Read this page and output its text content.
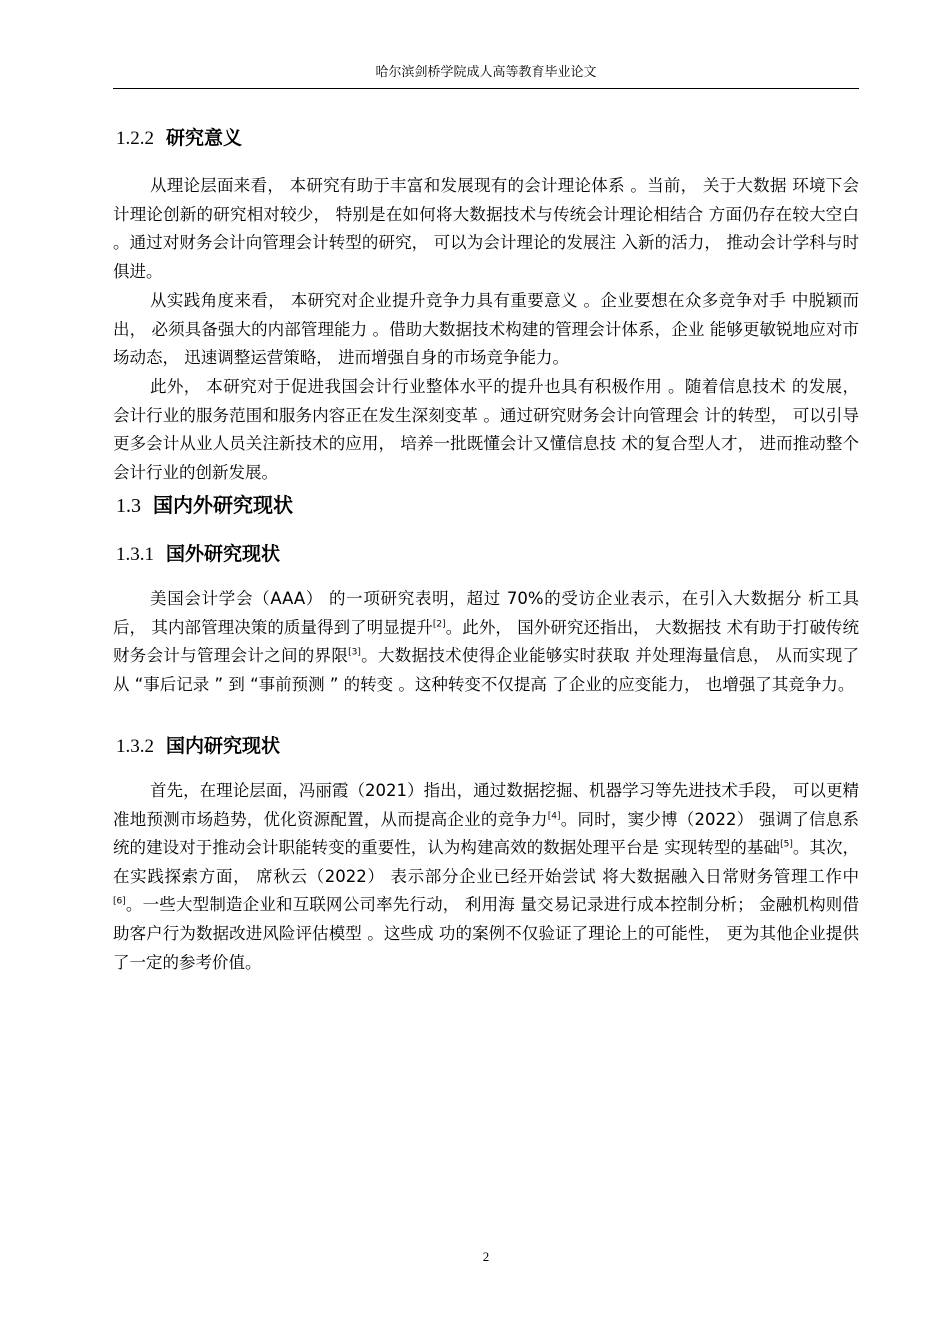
哈尔滨剑桥学院成人高等教育毕业论文
1.2.2 研究意义

从理论层面来看， 本研究有助于丰富和发展现有的会计理论体系 。当前， 关于大数据 环境下会计理论创新的研究相对较少， 特别是在如何将大数据技术与传统会计理论相结合 方面仍存在较大空白 。通过对财务会计向管理会计转型的研究， 可以为会计理论的发展注 入新的活力， 推动会计学科与时俱进。

从实践角度来看， 本研究对企业提升竞争力具有重要意义 。企业要想在众多竞争对手 中脱颖而出， 必须具备强大的内部管理能力 。借助大数据技术构建的管理会计体系，企业 能够更敏锐地应对市场动态， 迅速调整运营策略， 进而增强自身的市场竞争能力。

此外， 本研究对于促进我国会计行业整体水平的提升也具有积极作用 。随着信息技术 的发展， 会计行业的服务范围和服务内容正在发生深刻变革 。通过研究财务会计向管理会 计的转型， 可以引导更多会计从业人员关注新技术的应用， 培养一批既懂会计又懂信息技 术的复合型人才， 进而推动整个会计行业的创新发展。

1.3 国内外研究现状
1.3.1 国外研究现状

美国会计学会（AAA） 的一项研究表明，超过 70%的受访企业表示，在引入大数据分 析工具后， 其内部管理决策的质量得到了明显提升[2]。此外， 国外研究还指出， 大数据技 术有助于打破传统财务会计与管理会计之间的界限[3]。大数据技术使得企业能够实时获取 并处理海量信息， 从而实现了从 “事后记录 ” 到 “事前预测 ” 的转变 。这种转变不仅提高 了企业的应变能力， 也增强了其竞争力。

1.3.2 国内研究现状

首先，在理论层面，冯丽霞（2021）指出，通过数据挖掘、机器学习等先进技术手段， 可以更精准地预测市场趋势，优化资源配置，从而提高企业的竞争力[4]。同时，窦少博（2022） 强调了信息系统的建设对于推动会计职能转变的重要性，认为构建高效的数据处理平台是 实现转型的基础[5]。其次， 在实践探索方面， 席秋云（2022） 表示部分企业已经开始尝试 将大数据融入日常财务管理工作中[6]。一些大型制造企业和互联网公司率先行动， 利用海 量交易记录进行成本控制分析； 金融机构则借助客户行为数据改进风险评估模型 。这些成 功的案例不仅验证了理论上的可能性， 更为其他企业提供了一定的参考价值。

2
